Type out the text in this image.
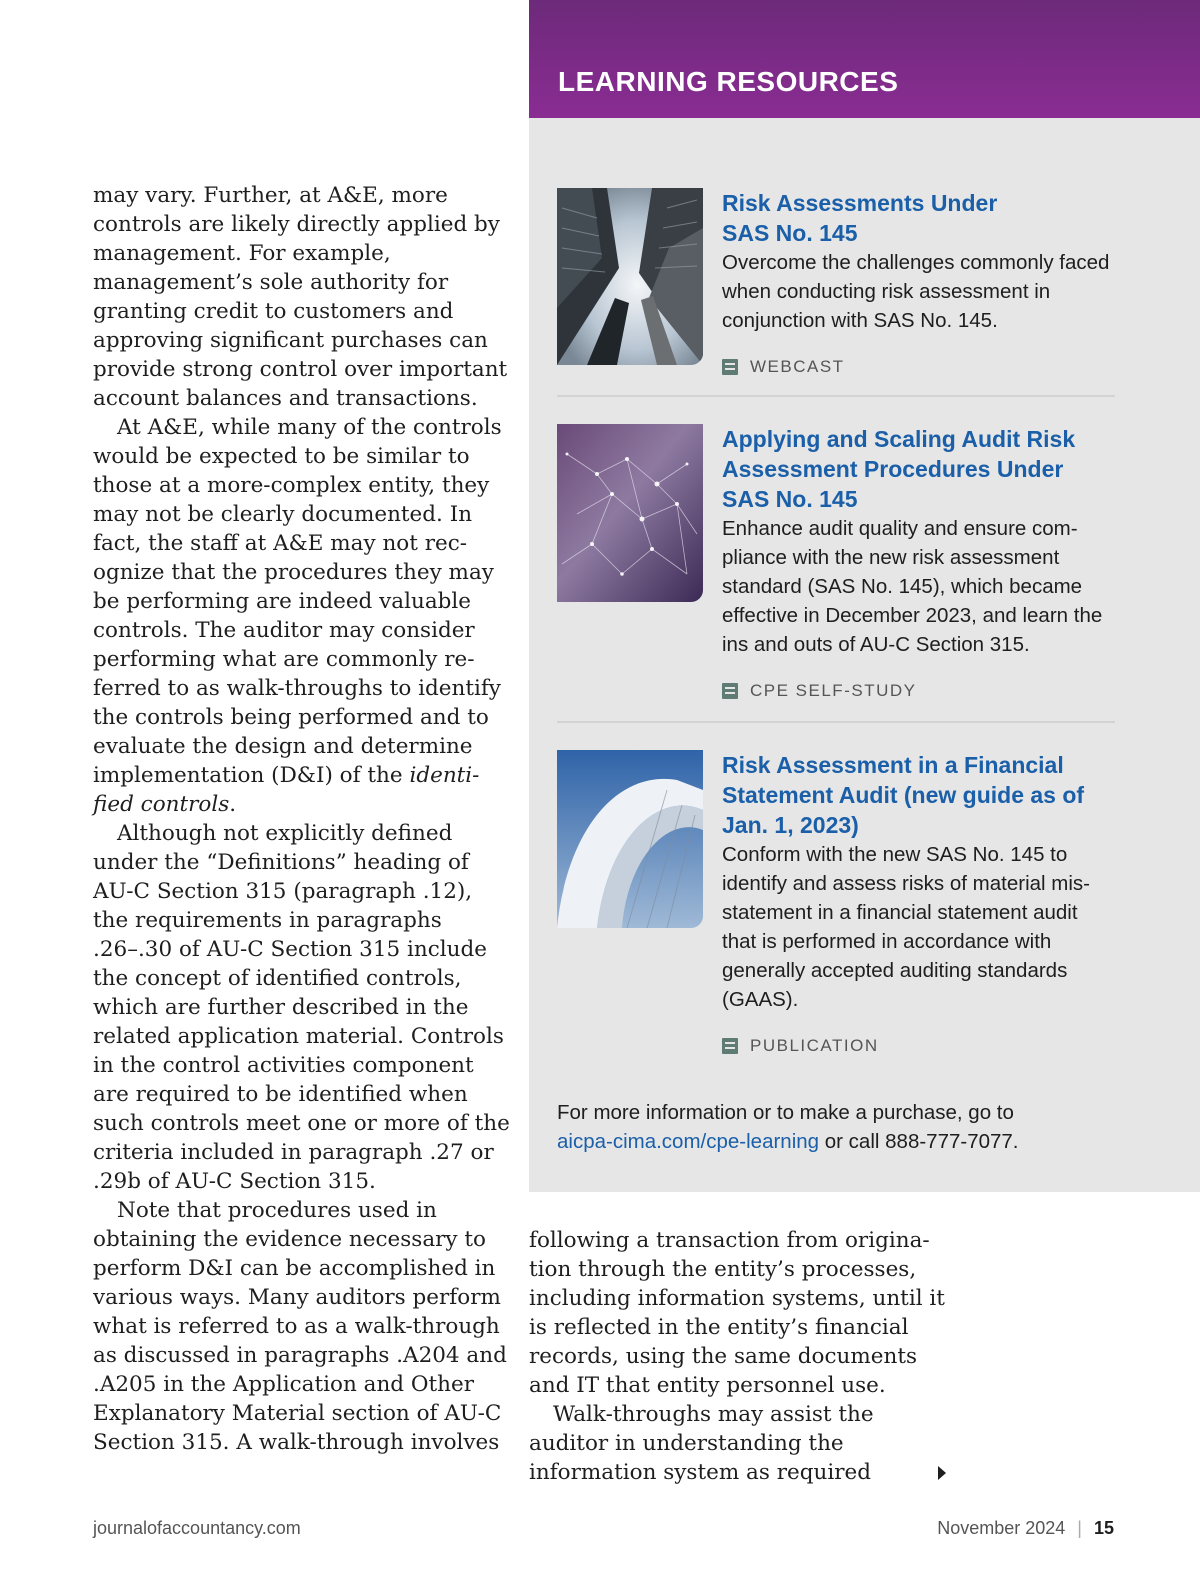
LEARNING RESOURCES
Risk Assessments Under SAS No. 145
Overcome the challenges commonly faced when conducting risk assessment in conjunction with SAS No. 145.
WEBCAST
Applying and Scaling Audit Risk Assessment Procedures Under SAS No. 145
Enhance audit quality and ensure com-pliance with the new risk assessment standard (SAS No. 145), which became effective in December 2023, and learn the ins and outs of AU-C Section 315.
CPE SELF-STUDY
Risk Assessment in a Financial Statement Audit (new guide as of Jan. 1, 2023)
Conform with the new SAS No. 145 to identify and assess risks of material mis-statement in a financial statement audit that is performed in accordance with generally accepted auditing standards (GAAS).
PUBLICATION
For more information or to make a purchase, go to
aicpa-cima.com/cpe-learning or call 888-777-7077.

may vary. Further, at A&E, more controls are likely directly applied by management. For example, management’s sole authority for granting credit to customers and approving significant purchases can provide strong control over important account balances and transactions.

At A&E, while many of the controls would be expected to be similar to those at a more-complex entity, they may not be clearly documented. In fact, the staff at A&E may not rec-ognize that the procedures they may be performing are indeed valuable controls. The auditor may consider performing what are commonly re-ferred to as walk-throughs to identify the controls being performed and to evaluate the design and determine implementation (D&I) of the identi-fied controls.

Although not explicitly defined under the “Definitions” heading of AU-C Section 315 (paragraph .12), the requirements in paragraphs .26–.30 of AU-C Section 315 include the concept of identified controls, which are further described in the related application material. Controls in the control activities component are required to be identified when such controls meet one or more of the criteria included in paragraph .27 or .29b of AU-C Section 315.

Note that procedures used in obtaining the evidence necessary to perform D&I can be accomplished in various ways. Many auditors perform what is referred to as a walk-through as discussed in paragraphs .A204 and .A205 in the Application and Other Explanatory Material section of AU-C Section 315. A walk-through involves

following a transaction from origina-tion through the entity’s processes, including information systems, until it is reflected in the entity’s financial records, using the same documents and IT that entity personnel use.

Walk-throughs may assist the auditor in understanding the information system as required

journalofaccountancy.com	November 2024 | 15
